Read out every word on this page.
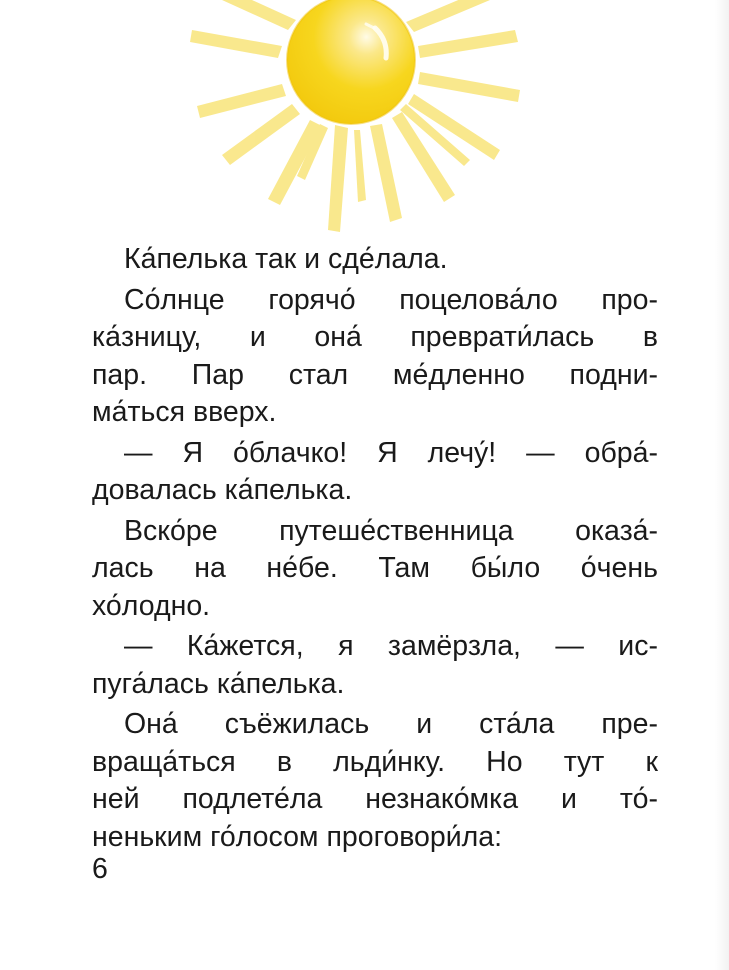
Ка́пелька так и сде́лала.
Со́лнце горячо́ поцелова́ло про-
ка́зницу, и она́ преврати́лась в
пар. Пар стал ме́дленно подни-
ма́ться вверх.
— Я о́блачко! Я лечу́! — обра́-
довалась ка́пелька.
Вско́ре путеше́ственница оказа́-
лась на не́бе. Там бы́ло о́чень
хо́лодно.
— Ка́жется, я замёрзла, — ис-
пуга́лась ка́пелька.
Она́ съёжилась и ста́ла пре-
враща́ться в льди́нку. Но тут к
ней подлете́ла незнако́мка и то́-
неньким го́лосом проговори́ла:
6
